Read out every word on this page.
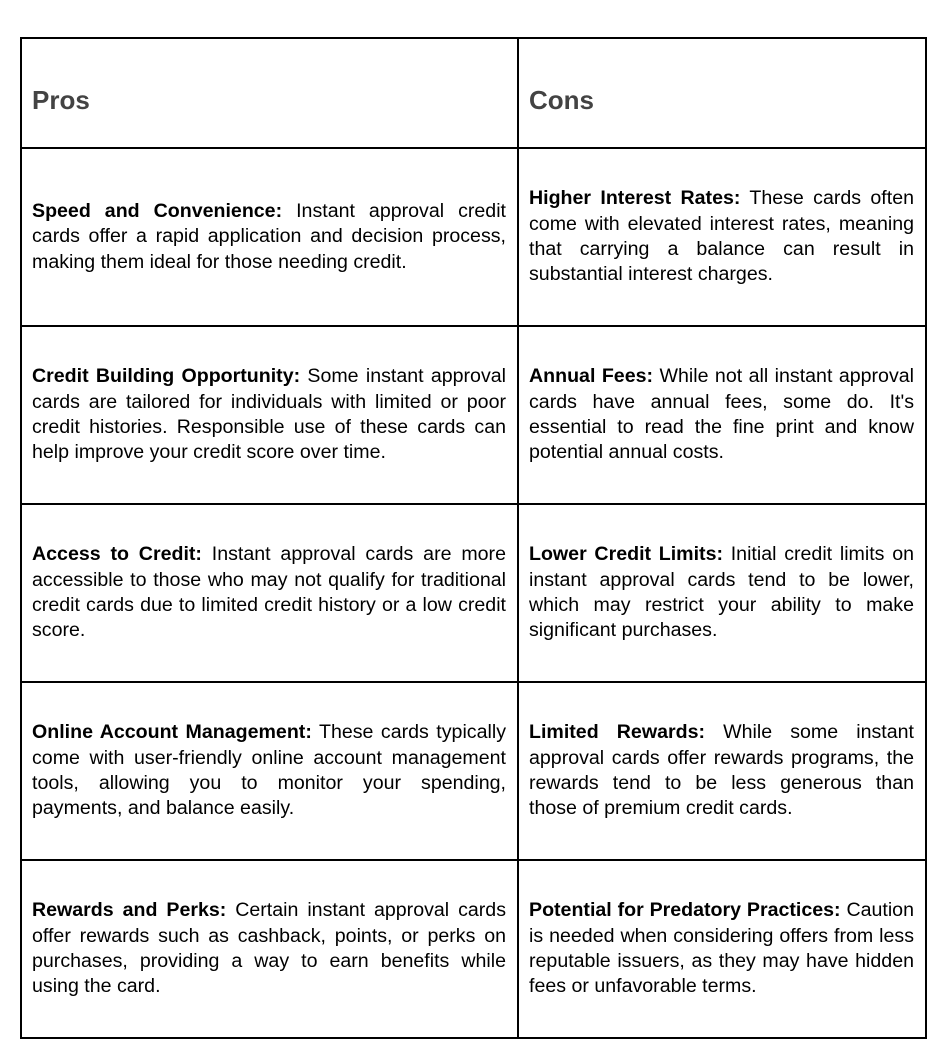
Pros	Cons
Speed and Convenience: Instant approval credit cards offer a rapid application and decision process, making them ideal for those needing credit.	Higher Interest Rates: These cards often come with elevated interest rates, meaning that carrying a balance can result in substantial interest charges.
Credit Building Opportunity: Some instant approval cards are tailored for individuals with limited or poor credit histories. Responsible use of these cards can help improve your credit score over time.	Annual Fees: While not all instant approval cards have annual fees, some do. It's essential to read the fine print and know potential annual costs.
Access to Credit: Instant approval cards are more accessible to those who may not qualify for traditional credit cards due to limited credit history or a low credit score.	Lower Credit Limits: Initial credit limits on instant approval cards tend to be lower, which may restrict your ability to make significant purchases.
Online Account Management: These cards typically come with user-friendly online account management tools, allowing you to monitor your spending, payments, and balance easily.	Limited Rewards: While some instant approval cards offer rewards programs, the rewards tend to be less generous than those of premium credit cards.
Rewards and Perks: Certain instant approval cards offer rewards such as cashback, points, or perks on purchases, providing a way to earn benefits while using the card.	Potential for Predatory Practices: Caution is needed when considering offers from less reputable issuers, as they may have hidden fees or unfavorable terms.
